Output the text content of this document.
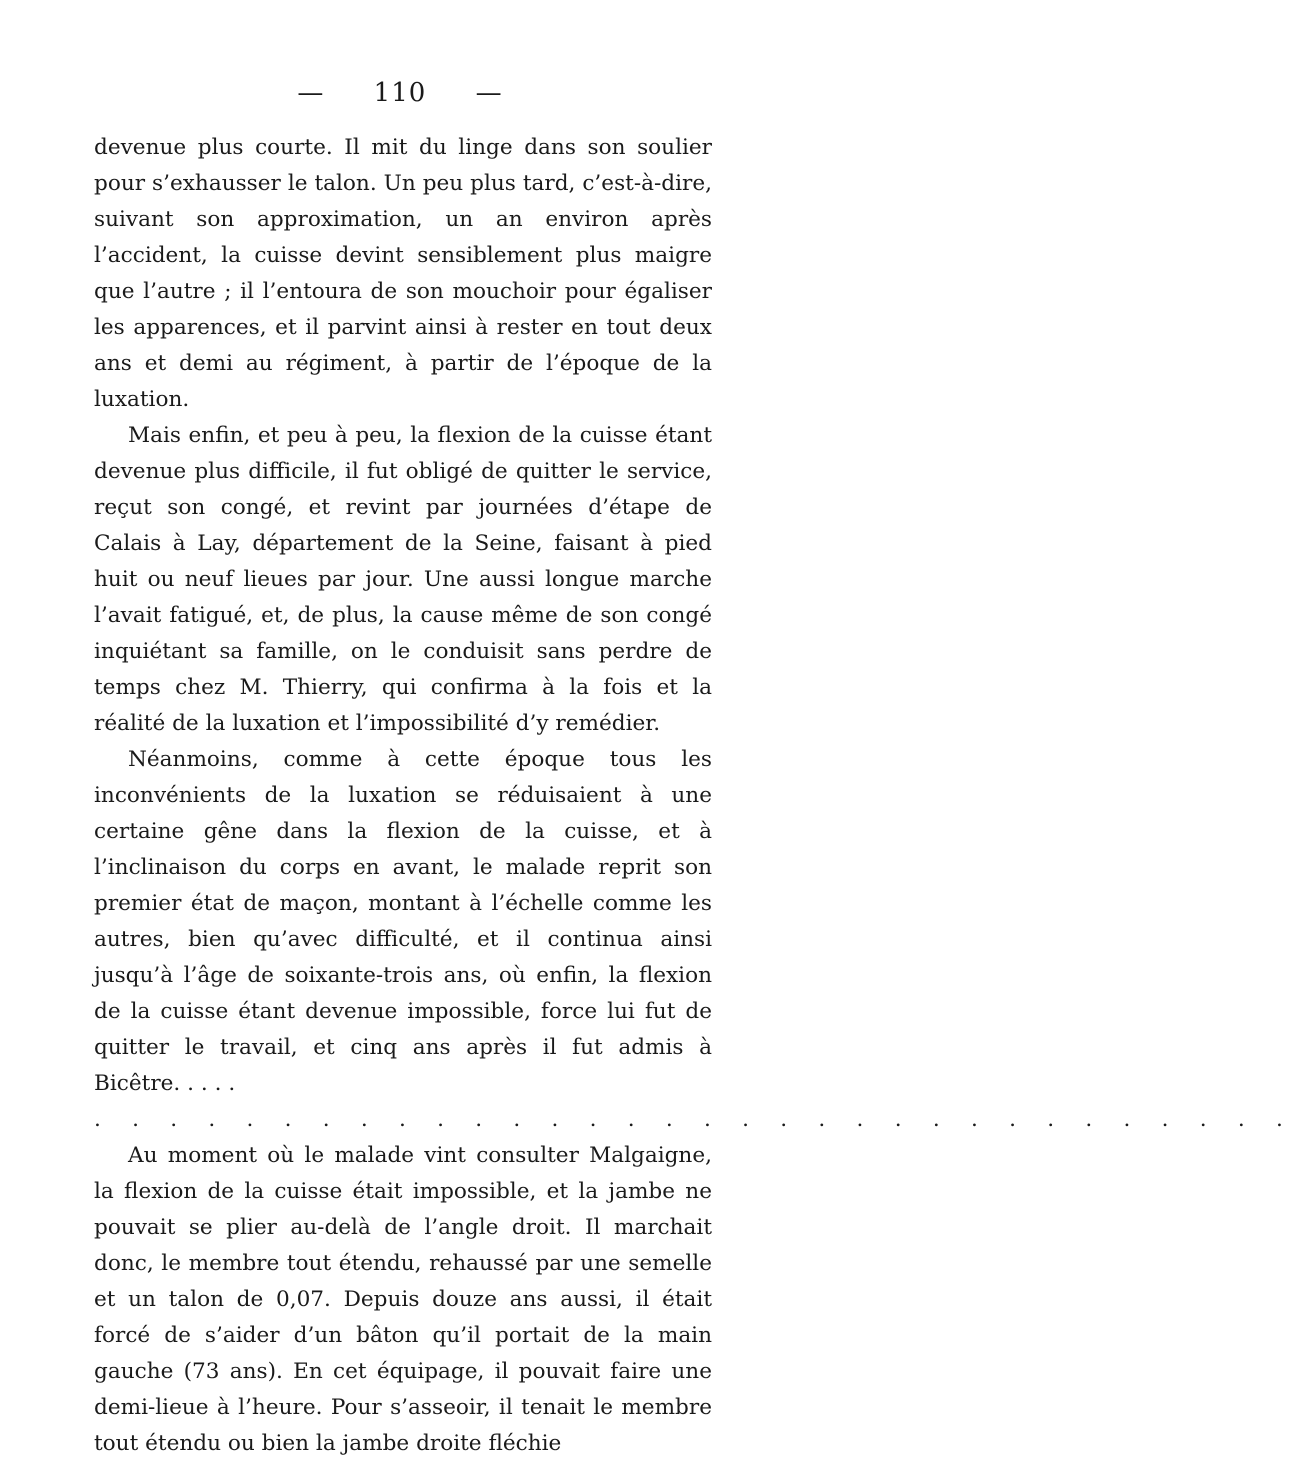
— 110 —

devenue plus courte. Il mit du linge dans son soulier pour s’exhausser le talon. Un peu plus tard, c’est-à-dire, suivant son approximation, un an environ après l’accident, la cuisse devint sensiblement plus maigre que l’autre ; il l’entoura de son mouchoir pour égaliser les apparences, et il parvint ainsi à rester en tout deux ans et demi au régiment, à partir de l’époque de la luxation.

Mais enfin, et peu à peu, la flexion de la cuisse étant devenue plus difficile, il fut obligé de quitter le service, reçut son congé, et revint par journées d’étape de Calais à Lay, département de la Seine, faisant à pied huit ou neuf lieues par jour. Une aussi longue marche l’avait fatigué, et, de plus, la cause même de son congé inquiétant sa famille, on le conduisit sans perdre de temps chez M. Thierry, qui confirma à la fois et la réalité de la luxation et l’impossibilité d’y remédier.

Néanmoins, comme à cette époque tous les inconvénients de la luxation se réduisaient à une certaine gêne dans la flexion de la cuisse, et à l’inclinaison du corps en avant, le malade reprit son premier état de maçon, montant à l’échelle comme les autres, bien qu’avec difficulté, et il continua ainsi jusqu’à l’âge de soixante-trois ans, où enfin, la flexion de la cuisse étant devenue impossible, force lui fut de quitter le travail, et cinq ans après il fut admis à Bicêtre. . . . .

. . . . . . . . . . . . . . . . . . . . . . . . . . . . . . . .

Au moment où le malade vint consulter Malgaigne, la flexion de la cuisse était impossible, et la jambe ne pouvait se plier au-delà de l’angle droit. Il marchait donc, le membre tout étendu, rehaussé par une semelle et un talon de 0,07. Depuis douze ans aussi, il était forcé de s’aider d’un bâton qu’il portait de la main gauche (73 ans). En cet équipage, il pouvait faire une demi-lieue à l’heure. Pour s’asseoir, il tenait le membre tout étendu ou bien la jambe droite fléchie
